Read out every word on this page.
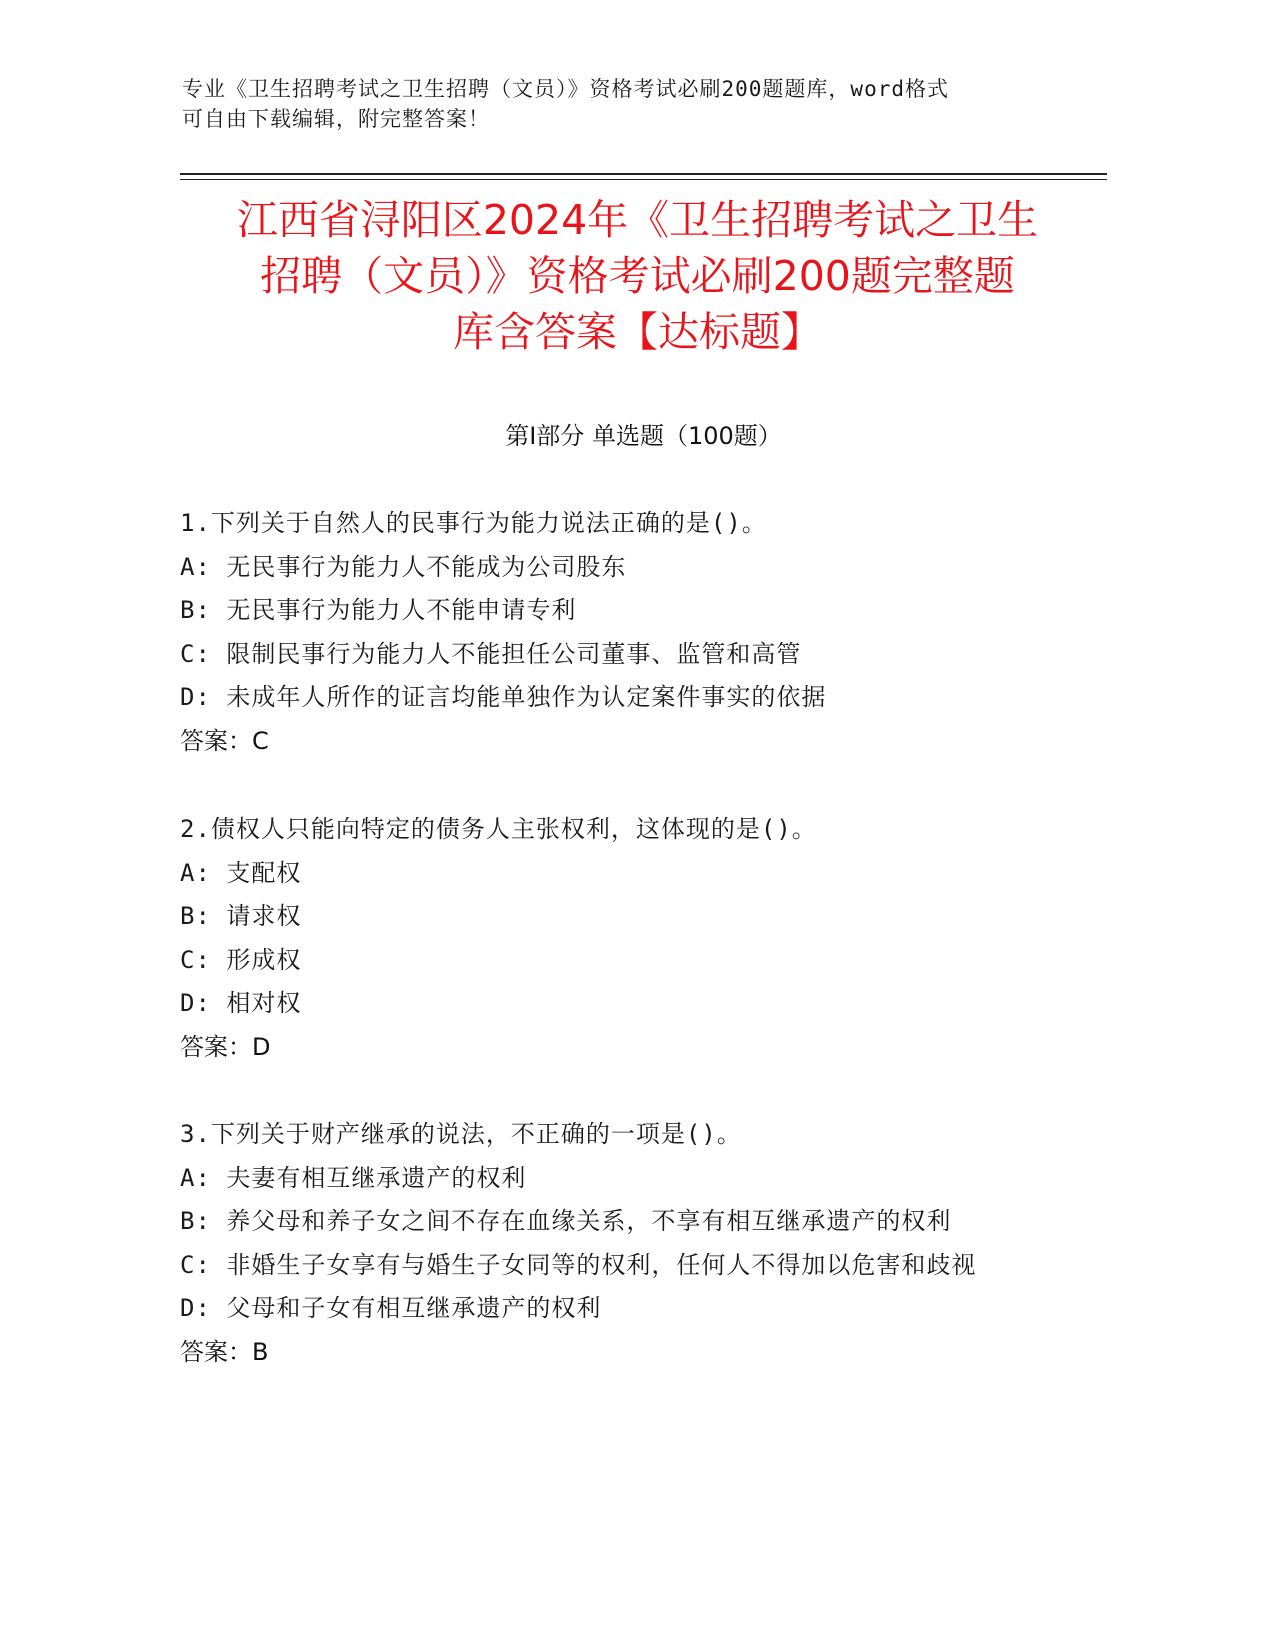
专业《卫生招聘考试之卫生招聘（文员）》资格考试必刷200题题库，word格式
可自由下载编辑，附完整答案！
江西省浔阳区2024年《卫生招聘考试之卫生
招聘（文员）》资格考试必刷200题完整题
库含答案【达标题】
第Ⅰ部分 单选题（100题）
1.下列关于自然人的民事行为能力说法正确的是()。
A: 无民事行为能力人不能成为公司股东
B: 无民事行为能力人不能申请专利
C: 限制民事行为能力人不能担任公司董事、监管和高管
D: 未成年人所作的证言均能单独作为认定案件事实的依据
答案：C
2.债权人只能向特定的债务人主张权利，这体现的是()。
A: 支配权
B: 请求权
C: 形成权
D: 相对权
答案：D
3.下列关于财产继承的说法，不正确的一项是()。
A: 夫妻有相互继承遗产的权利
B: 养父母和养子女之间不存在血缘关系，不享有相互继承遗产的权利
C: 非婚生子女享有与婚生子女同等的权利，任何人不得加以危害和歧视
D: 父母和子女有相互继承遗产的权利
答案：B
